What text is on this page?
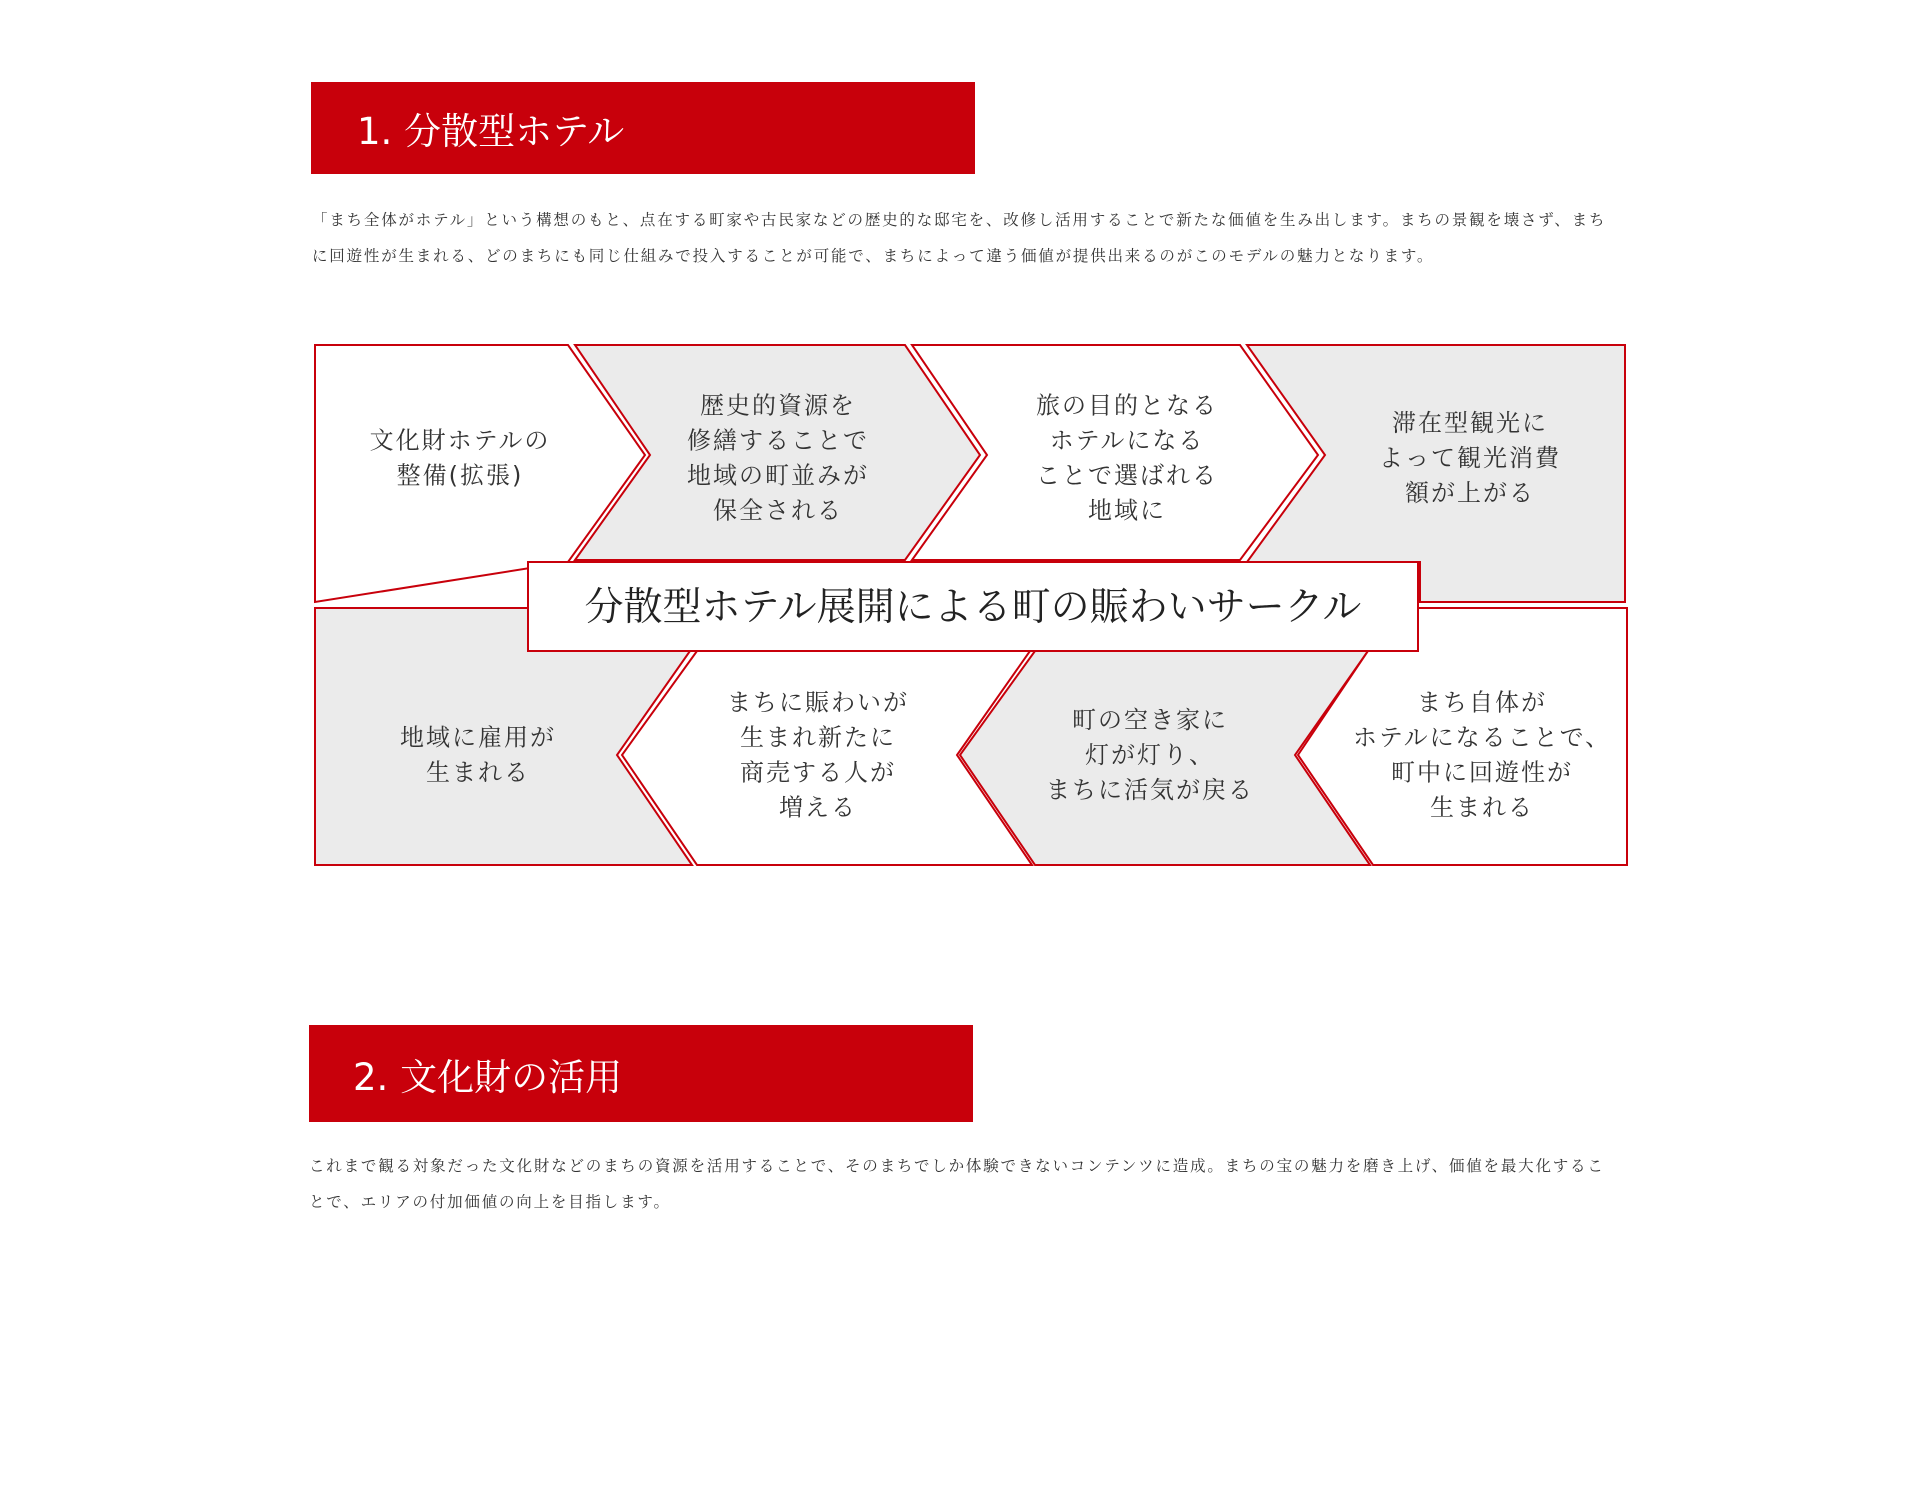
1. 分散型ホテル
「まち全体がホテル」という構想のもと、点在する町家や古民家などの歴史的な邸宅を、改修し活用することで新たな価値を生み出します。まちの景観を壊さず、まちに回遊性が生まれる、どのまちにも同じ仕組みで投入することが可能で、まちによって違う価値が提供出来るのがこのモデルの魅力となります。
文化財ホテルの
整備(拡張)
歴史的資源を
修繕することで
地域の町並みが
保全される
旅の目的となる
ホテルになる
ことで選ばれる
地域に
滞在型観光に
よって観光消費
額が上がる
地域に雇用が
生まれる
まちに賑わいが
生まれ新たに
商売する人が
増える
町の空き家に
灯が灯り、
まちに活気が戻る
まち自体が
ホテルになることで、
町中に回遊性が
生まれる
分散型ホテル展開による町の賑わいサークル
2. 文化財の活用
これまで観る対象だった文化財などのまちの資源を活用することで、そのまちでしか体験できないコンテンツに造成。まちの宝の魅力を磨き上げ、価値を最大化することで、エリアの付加価値の向上を目指します。
